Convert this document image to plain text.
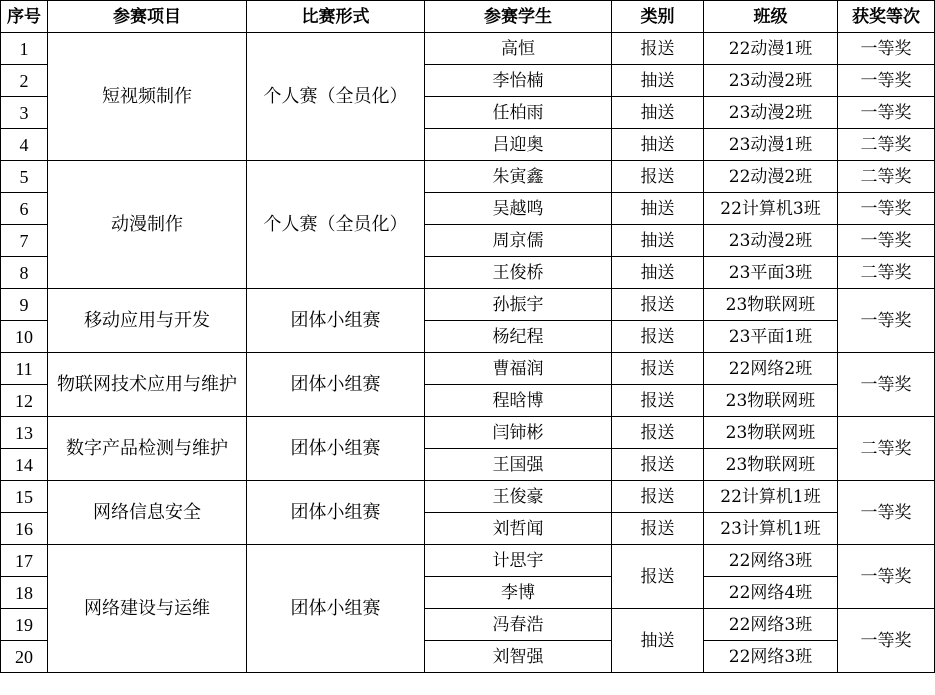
序号	参赛项目	比赛形式	参赛学生	类别	班级	获奖等次
1	短视频制作	个人赛（全员化）	高恒	报送	22动漫1班	一等奖
2			李怡楠	抽送	23动漫2班	一等奖
3			任柏雨	抽送	23动漫2班	一等奖
4			吕迎奥	抽送	23动漫1班	二等奖
5	动漫制作	个人赛（全员化）	朱寅鑫	报送	22动漫2班	二等奖
6			吴越鸣	抽送	22计算机3班	一等奖
7			周京儒	抽送	23动漫2班	一等奖
8			王俊桥	抽送	23平面3班	二等奖
9	移动应用与开发	团体小组赛	孙振宇	报送	23物联网班	一等奖
10			杨纪程	报送	23平面1班	
11	物联网技术应用与维护	团体小组赛	曹福润	报送	22网络2班	一等奖
12			程晗博	报送	23物联网班	
13	数字产品检测与维护	团体小组赛	闫铈彬	报送	23物联网班	二等奖
14			王国强	报送	23物联网班	
15	网络信息安全	团体小组赛	王俊豪	报送	22计算机1班	一等奖
16			刘哲闻	报送	23计算机1班	
17	网络建设与运维	团体小组赛	计思宇	报送	22网络3班	一等奖
18			李博		22网络4班	
19			冯春浩	抽送	22网络3班	一等奖
20			刘智强		22网络3班	
